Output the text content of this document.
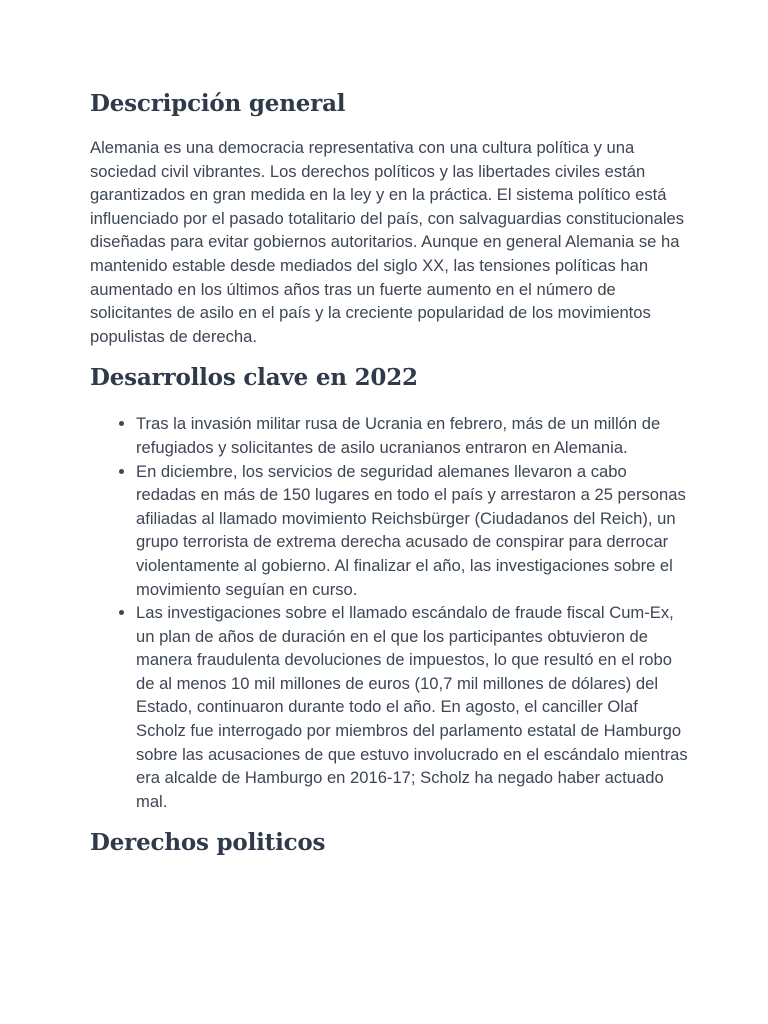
Descripción general

Alemania es una democracia representativa con una cultura política y una sociedad civil vibrantes. Los derechos políticos y las libertades civiles están garantizados en gran medida en la ley y en la práctica. El sistema político está influenciado por el pasado totalitario del país, con salvaguardias constitucionales diseñadas para evitar gobiernos autoritarios. Aunque en general Alemania se ha mantenido estable desde mediados del siglo XX, las tensiones políticas han aumentado en los últimos años tras un fuerte aumento en el número de solicitantes de asilo en el país y la creciente popularidad de los movimientos populistas de derecha.

Desarrollos clave en 2022
• Tras la invasión militar rusa de Ucrania en febrero, más de un millón de refugiados y solicitantes de asilo ucranianos entraron en Alemania.
• En diciembre, los servicios de seguridad alemanes llevaron a cabo redadas en más de 150 lugares en todo el país y arrestaron a 25 personas afiliadas al llamado movimiento Reichsbürger (Ciudadanos del Reich), un grupo terrorista de extrema derecha acusado de conspirar para derrocar violentamente al gobierno. Al finalizar el año, las investigaciones sobre el movimiento seguían en curso.
• Las investigaciones sobre el llamado escándalo de fraude fiscal Cum-Ex, un plan de años de duración en el que los participantes obtuvieron de manera fraudulenta devoluciones de impuestos, lo que resultó en el robo de al menos 10 mil millones de euros (10,7 mil millones de dólares) del Estado, continuaron durante todo el año. En agosto, el canciller Olaf Scholz fue interrogado por miembros del parlamento estatal de Hamburgo sobre las acusaciones de que estuvo involucrado en el escándalo mientras era alcalde de Hamburgo en 2016-17; Scholz ha negado haber actuado mal.
Derechos politicos
